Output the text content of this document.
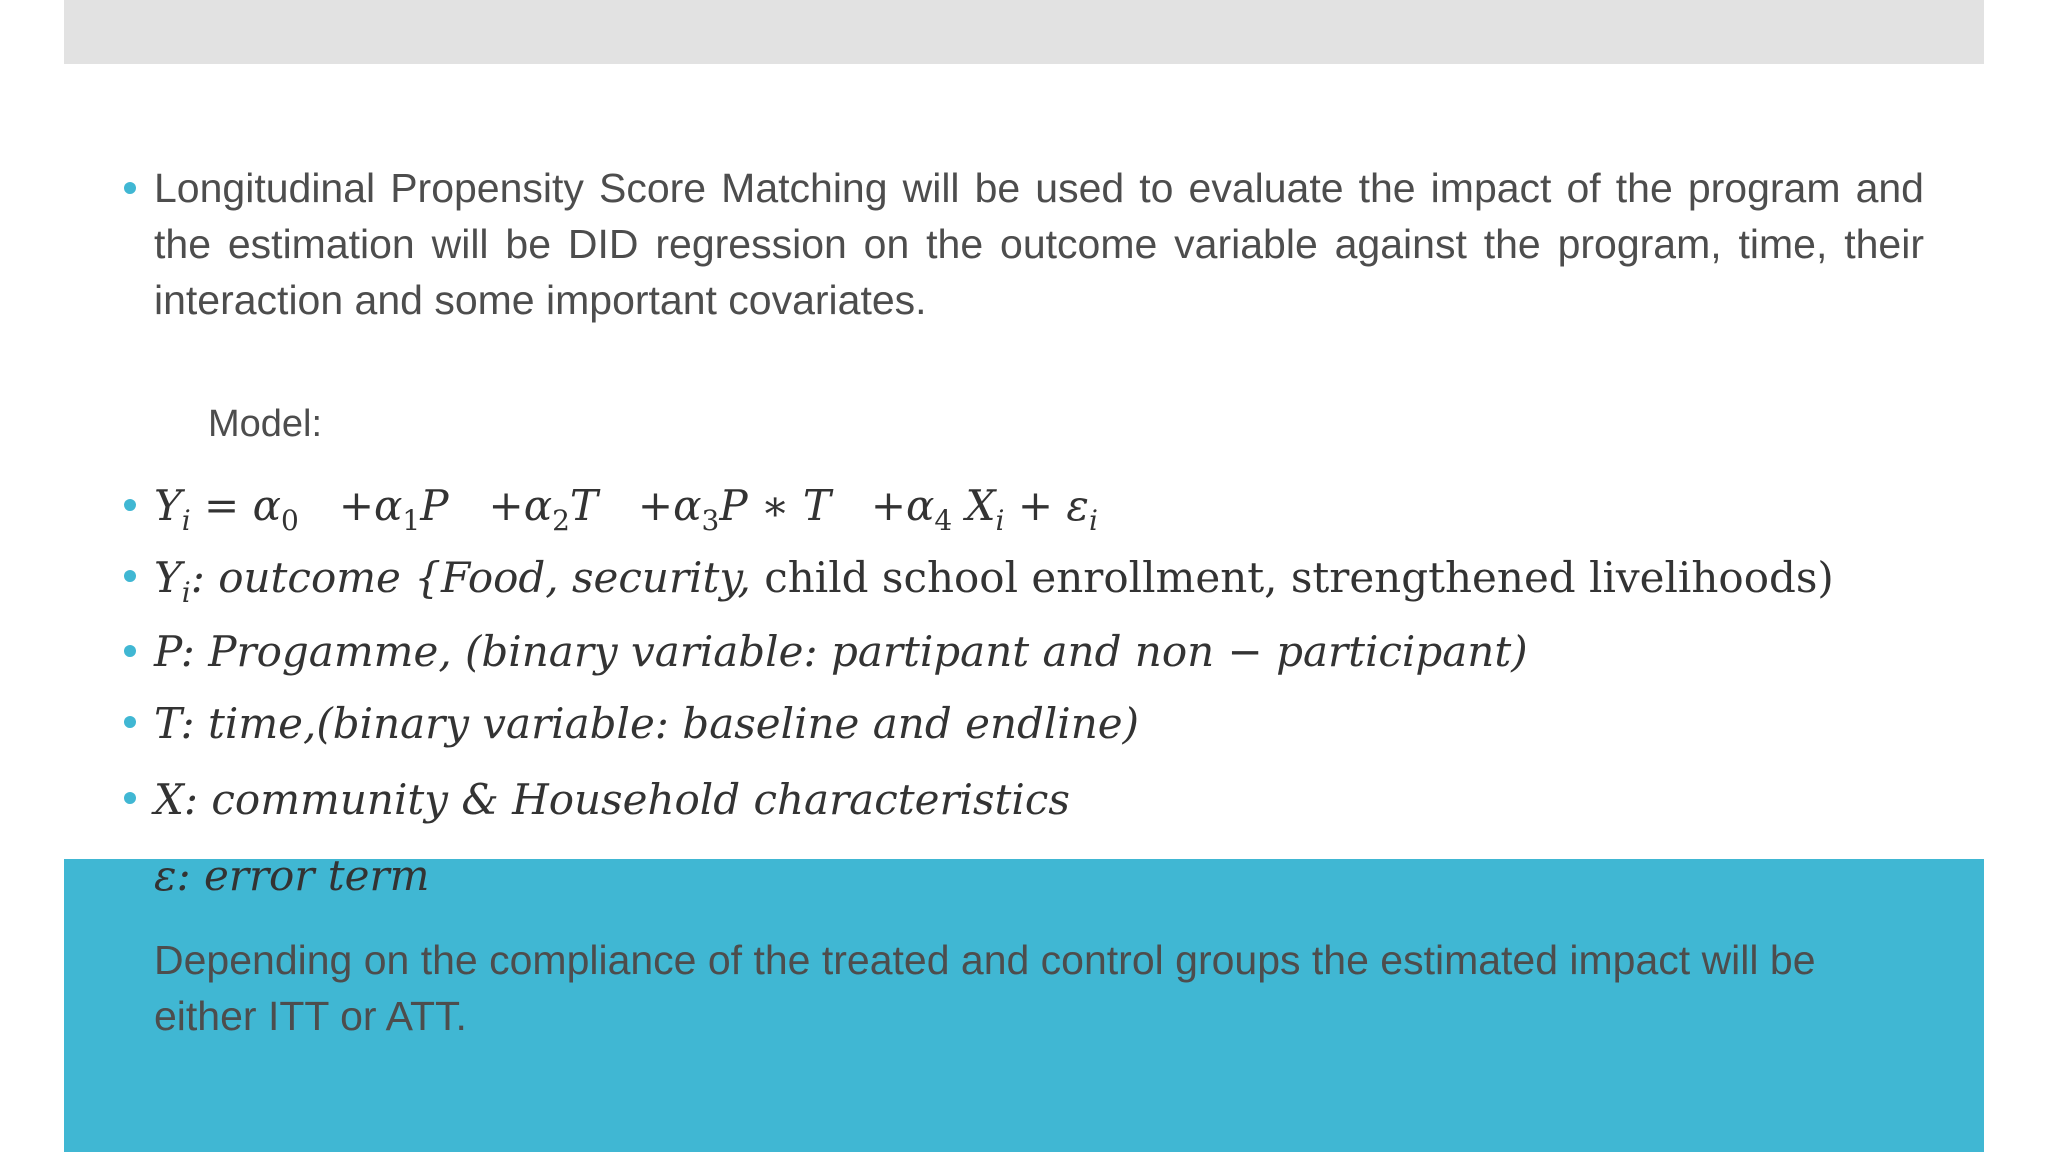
Longitudinal Propensity Score Matching will be used to evaluate the impact of the program and the estimation will be DID regression on the outcome variable against the program, time, their interaction and some important covariates.
Model:
$Y_i = \alpha_0 +\alpha_1P +\alpha_2T +\alpha_3P$ ∗ $T +\alpha_4$ $X_i + \varepsilon_i$
$Y_i$: outcome {Food, security, child school enrollment, strengthened livelihoods)
P: Progamme, (binary variable: partipant and non − participant)
T: time,(binary variable: baseline and endline)
X: community & Household characteristics
ε: error term
Depending on the compliance of the treated and control groups the estimated impact will be either ITT or ATT.
